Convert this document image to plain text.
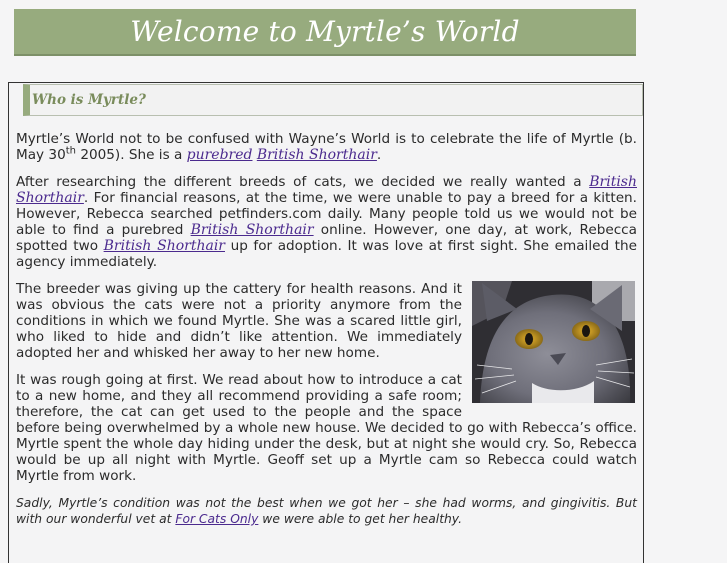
Welcome to Myrtle’s World
Who is Myrtle?

Myrtle’s World not to be confused with Wayne’s World is to celebrate the life of Myrtle (b. May 30th 2005). She is a purebred British Shorthair.

After researching the different breeds of cats, we decided we really wanted a British Shorthair. For financial reasons, at the time, we were unable to pay a breed for a kitten. However, Rebecca searched petfinders.com daily. Many people told us we would not be able to find a purebred British Shorthair online. However, one day, at work, Rebecca spotted two British Shorthair up for adoption. It was love at first sight. She emailed the agency immediately.

The breeder was giving up the cattery for health reasons. And it was obvious the cats were not a priority anymore from the conditions in which we found Myrtle. She was a scared little girl, who liked to hide and didn’t like attention. We immediately adopted her and whisked her away to her new home.

It was rough going at first. We read about how to introduce a cat to a new home, and they all recommend providing a safe room; therefore, the cat can get used to the people and the space before being overwhelmed by a whole new house. We decided to go with Rebecca’s office. Myrtle spent the whole day hiding under the desk, but at night she would cry. So, Rebecca would be up all night with Myrtle. Geoff set up a Myrtle cam so Rebecca could watch Myrtle from work.

Sadly, Myrtle’s condition was not the best when we got her – she had worms, and gingivitis. But with our wonderful vet at For Cats Only we were able to get her healthy.
